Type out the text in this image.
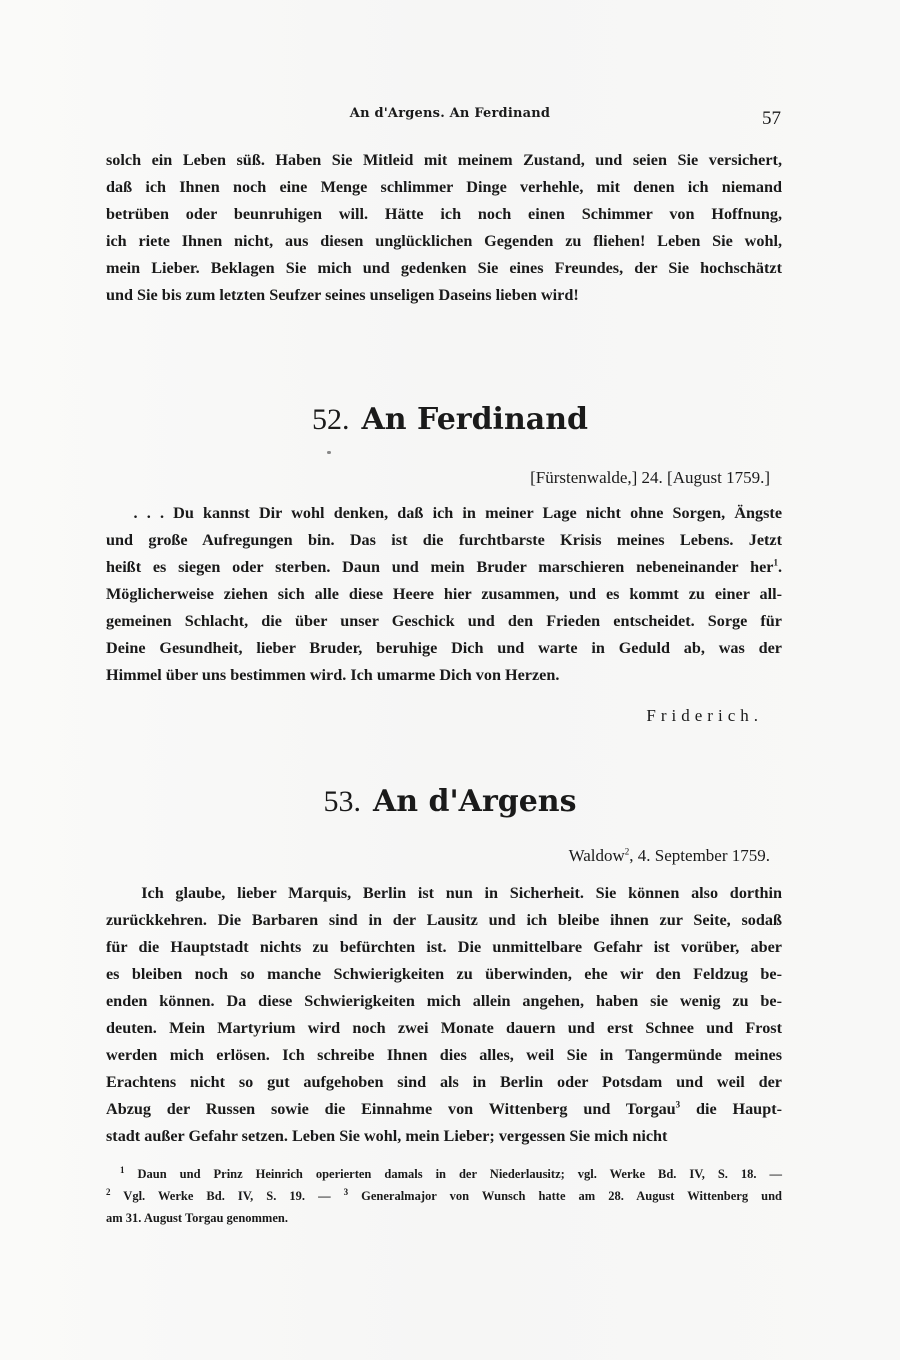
An d'Argens. An Ferdinand	57
solch ein Leben süß. Haben Sie Mitleid mit meinem Zustand, und seien Sie versichert,
daß ich Ihnen noch eine Menge schlimmer Dinge verhehle, mit denen ich niemand
betrüben oder beunruhigen will. Hätte ich noch einen Schimmer von Hoffnung,
ich riete Ihnen nicht, aus diesen unglücklichen Gegenden zu fliehen! Leben Sie wohl,
mein Lieber. Beklagen Sie mich und gedenken Sie eines Freundes, der Sie hochschätzt
und Sie bis zum letzten Seufzer seines unseligen Daseins lieben wird!
52. An Ferdinand
[Fürstenwalde,] 24. [August 1759.]
. . . Du kannst Dir wohl denken, daß ich in meiner Lage nicht ohne Sorgen, Ängste
und große Aufregungen bin. Das ist die furchtbarste Krisis meines Lebens. Jetzt
heißt es siegen oder sterben. Daun und mein Bruder marschieren nebeneinander her$^1$.
Möglicherweise ziehen sich alle diese Heere hier zusammen, und es kommt zu einer all-
gemeinen Schlacht, die über unser Geschick und den Frieden entscheidet. Sorge für
Deine Gesundheit, lieber Bruder, beruhige Dich und warte in Geduld ab, was der
Himmel über uns bestimmen wird. Ich umarme Dich von Herzen.
Friderich.
53. An d'Argens
Waldow$^2$, 4. September 1759.
Ich glaube, lieber Marquis, Berlin ist nun in Sicherheit. Sie können also dorthin
zurückkehren. Die Barbaren sind in der Lausitz und ich bleibe ihnen zur Seite, sodaß
für die Hauptstadt nichts zu befürchten ist. Die unmittelbare Gefahr ist vorüber, aber
es bleiben noch so manche Schwierigkeiten zu überwinden, ehe wir den Feldzug be-
enden können. Da diese Schwierigkeiten mich allein angehen, haben sie wenig zu be-
deuten. Mein Martyrium wird noch zwei Monate dauern und erst Schnee und Frost
werden mich erlösen. Ich schreibe Ihnen dies alles, weil Sie in Tangermünde meines
Erachtens nicht so gut aufgehoben sind als in Berlin oder Potsdam und weil der
Abzug der Russen sowie die Einnahme von Wittenberg und Torgau$^3$ die Haupt-
stadt außer Gefahr setzen. Leben Sie wohl, mein Lieber; vergessen Sie mich nicht
$^1$ Daun und Prinz Heinrich operierten damals in der Niederlausitz; vgl. Werke Bd. IV, S. 18. —
$^2$ Vgl. Werke Bd. IV, S. 19. — $^3$ Generalmajor von Wunsch hatte am 28. August Wittenberg und
am 31. August Torgau genommen.
